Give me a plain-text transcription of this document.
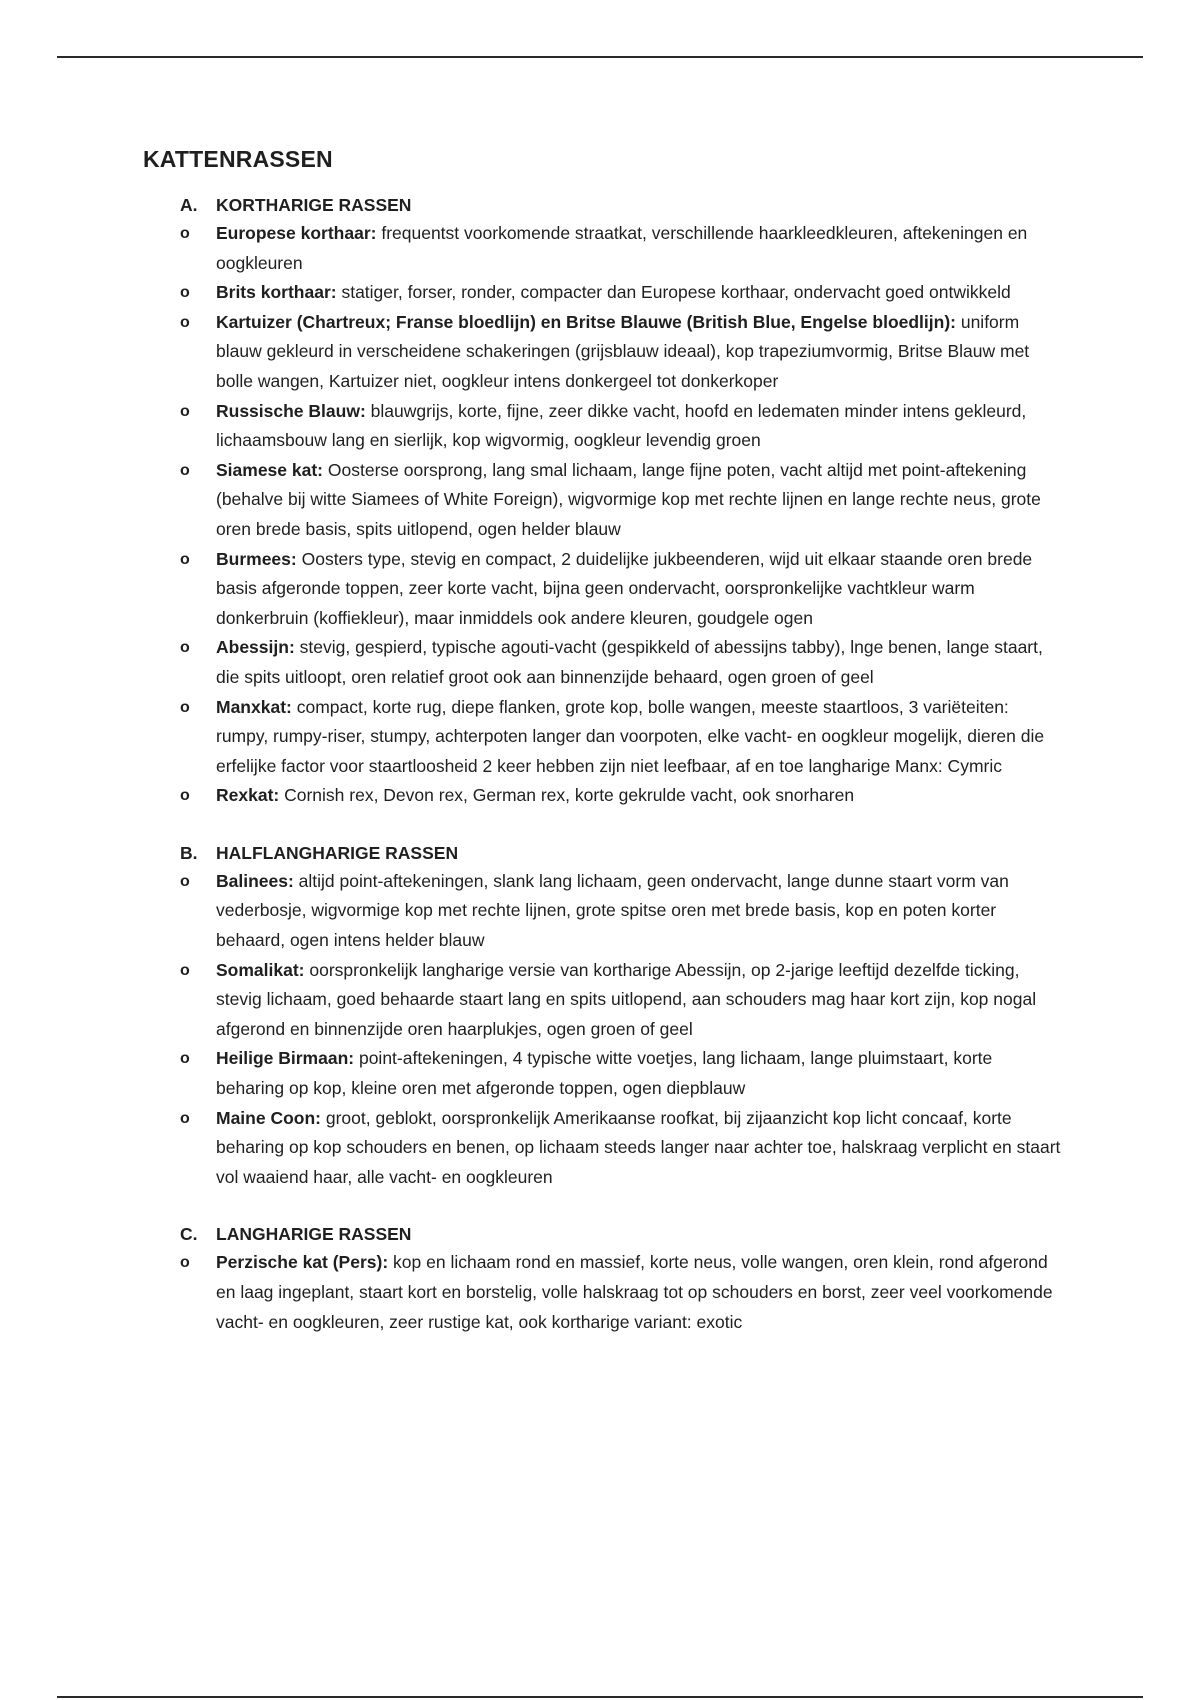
KATTENRASSEN
A.	KORTHARIGE RASSEN
o	Europese korthaar: frequentst voorkomende straatkat, verschillende haarkleedkleuren, aftekeningen en oogkleuren
o	Brits korthaar: statiger, forser, ronder, compacter dan Europese korthaar, ondervacht goed ontwikkeld
o	Kartuizer (Chartreux; Franse bloedlijn) en Britse Blauwe (British Blue, Engelse bloedlijn): uniform blauw gekleurd in verscheidene schakeringen (grijsblauw ideaal), kop trapeziumvormig, Britse Blauw met bolle wangen, Kartuizer niet, oogkleur intens donkergeel tot donkerkoper
o	Russische Blauw: blauwgrijs, korte, fijne, zeer dikke vacht, hoofd en ledematen minder intens gekleurd, lichaamsbouw lang en sierlijk, kop wigvormig, oogkleur levendig groen
o	Siamese kat: Oosterse oorsprong, lang smal lichaam, lange fijne poten, vacht altijd met point-aftekening (behalve bij witte Siamees of White Foreign), wigvormige kop met rechte lijnen en lange rechte neus, grote oren brede basis, spits uitlopend, ogen helder blauw
o	Burmees: Oosters type, stevig en compact, 2 duidelijke jukbeenderen, wijd uit elkaar staande oren brede basis afgeronde toppen, zeer korte vacht, bijna geen ondervacht, oorspronkelijke vachtkleur warm donkerbruin (koffiekleur), maar inmiddels ook andere kleuren, goudgele ogen
o	Abessijn: stevig, gespierd, typische agouti-vacht (gespikkeld of abessijns tabby), lnge benen, lange staart, die spits uitloopt, oren relatief groot ook aan binnenzijde behaard, ogen groen of geel
o	Manxkat: compact, korte rug, diepe flanken, grote kop, bolle wangen, meeste staartloos, 3 variëteiten: rumpy, rumpy-riser, stumpy, achterpoten langer dan voorpoten, elke vacht- en oogkleur mogelijk, dieren die erfelijke factor voor staartloosheid 2 keer hebben zijn niet leefbaar, af en toe langharige Manx: Cymric
o	Rexkat: Cornish rex, Devon rex, German rex, korte gekrulde vacht, ook snorharen
B.	HALFLANGHARIGE RASSEN
o	Balinees: altijd point-aftekeningen, slank lang lichaam, geen ondervacht, lange dunne staart vorm van vederbosje, wigvormige kop met rechte lijnen, grote spitse oren met brede basis, kop en poten korter behaard, ogen intens helder blauw
o	Somalikat: oorspronkelijk langharige versie van kortharige Abessijn, op 2-jarige leeftijd dezelfde ticking, stevig lichaam, goed behaarde staart lang en spits uitlopend, aan schouders mag haar kort zijn, kop nogal afgerond en binnenzijde oren haarplukjes, ogen groen of geel
o	Heilige Birmaan: point-aftekeningen, 4 typische witte voetjes, lang lichaam, lange pluimstaart, korte beharing op kop, kleine oren met afgeronde toppen, ogen diepblauw
o	Maine Coon: groot, geblokt, oorspronkelijk Amerikaanse roofkat, bij zijaanzicht kop licht concaaf, korte beharing op kop schouders en benen, op lichaam steeds langer naar achter toe, halskraag verplicht en staart vol waaiend haar, alle vacht- en oogkleuren
C.	LANGHARIGE RASSEN
o	Perzische kat (Pers): kop en lichaam rond en massief, korte neus, volle wangen, oren klein, rond afgerond en laag ingeplant, staart kort en borstelig, volle halskraag tot op schouders en borst, zeer veel voorkomende vacht- en oogkleuren, zeer rustige kat, ook kortharige variant: exotic
